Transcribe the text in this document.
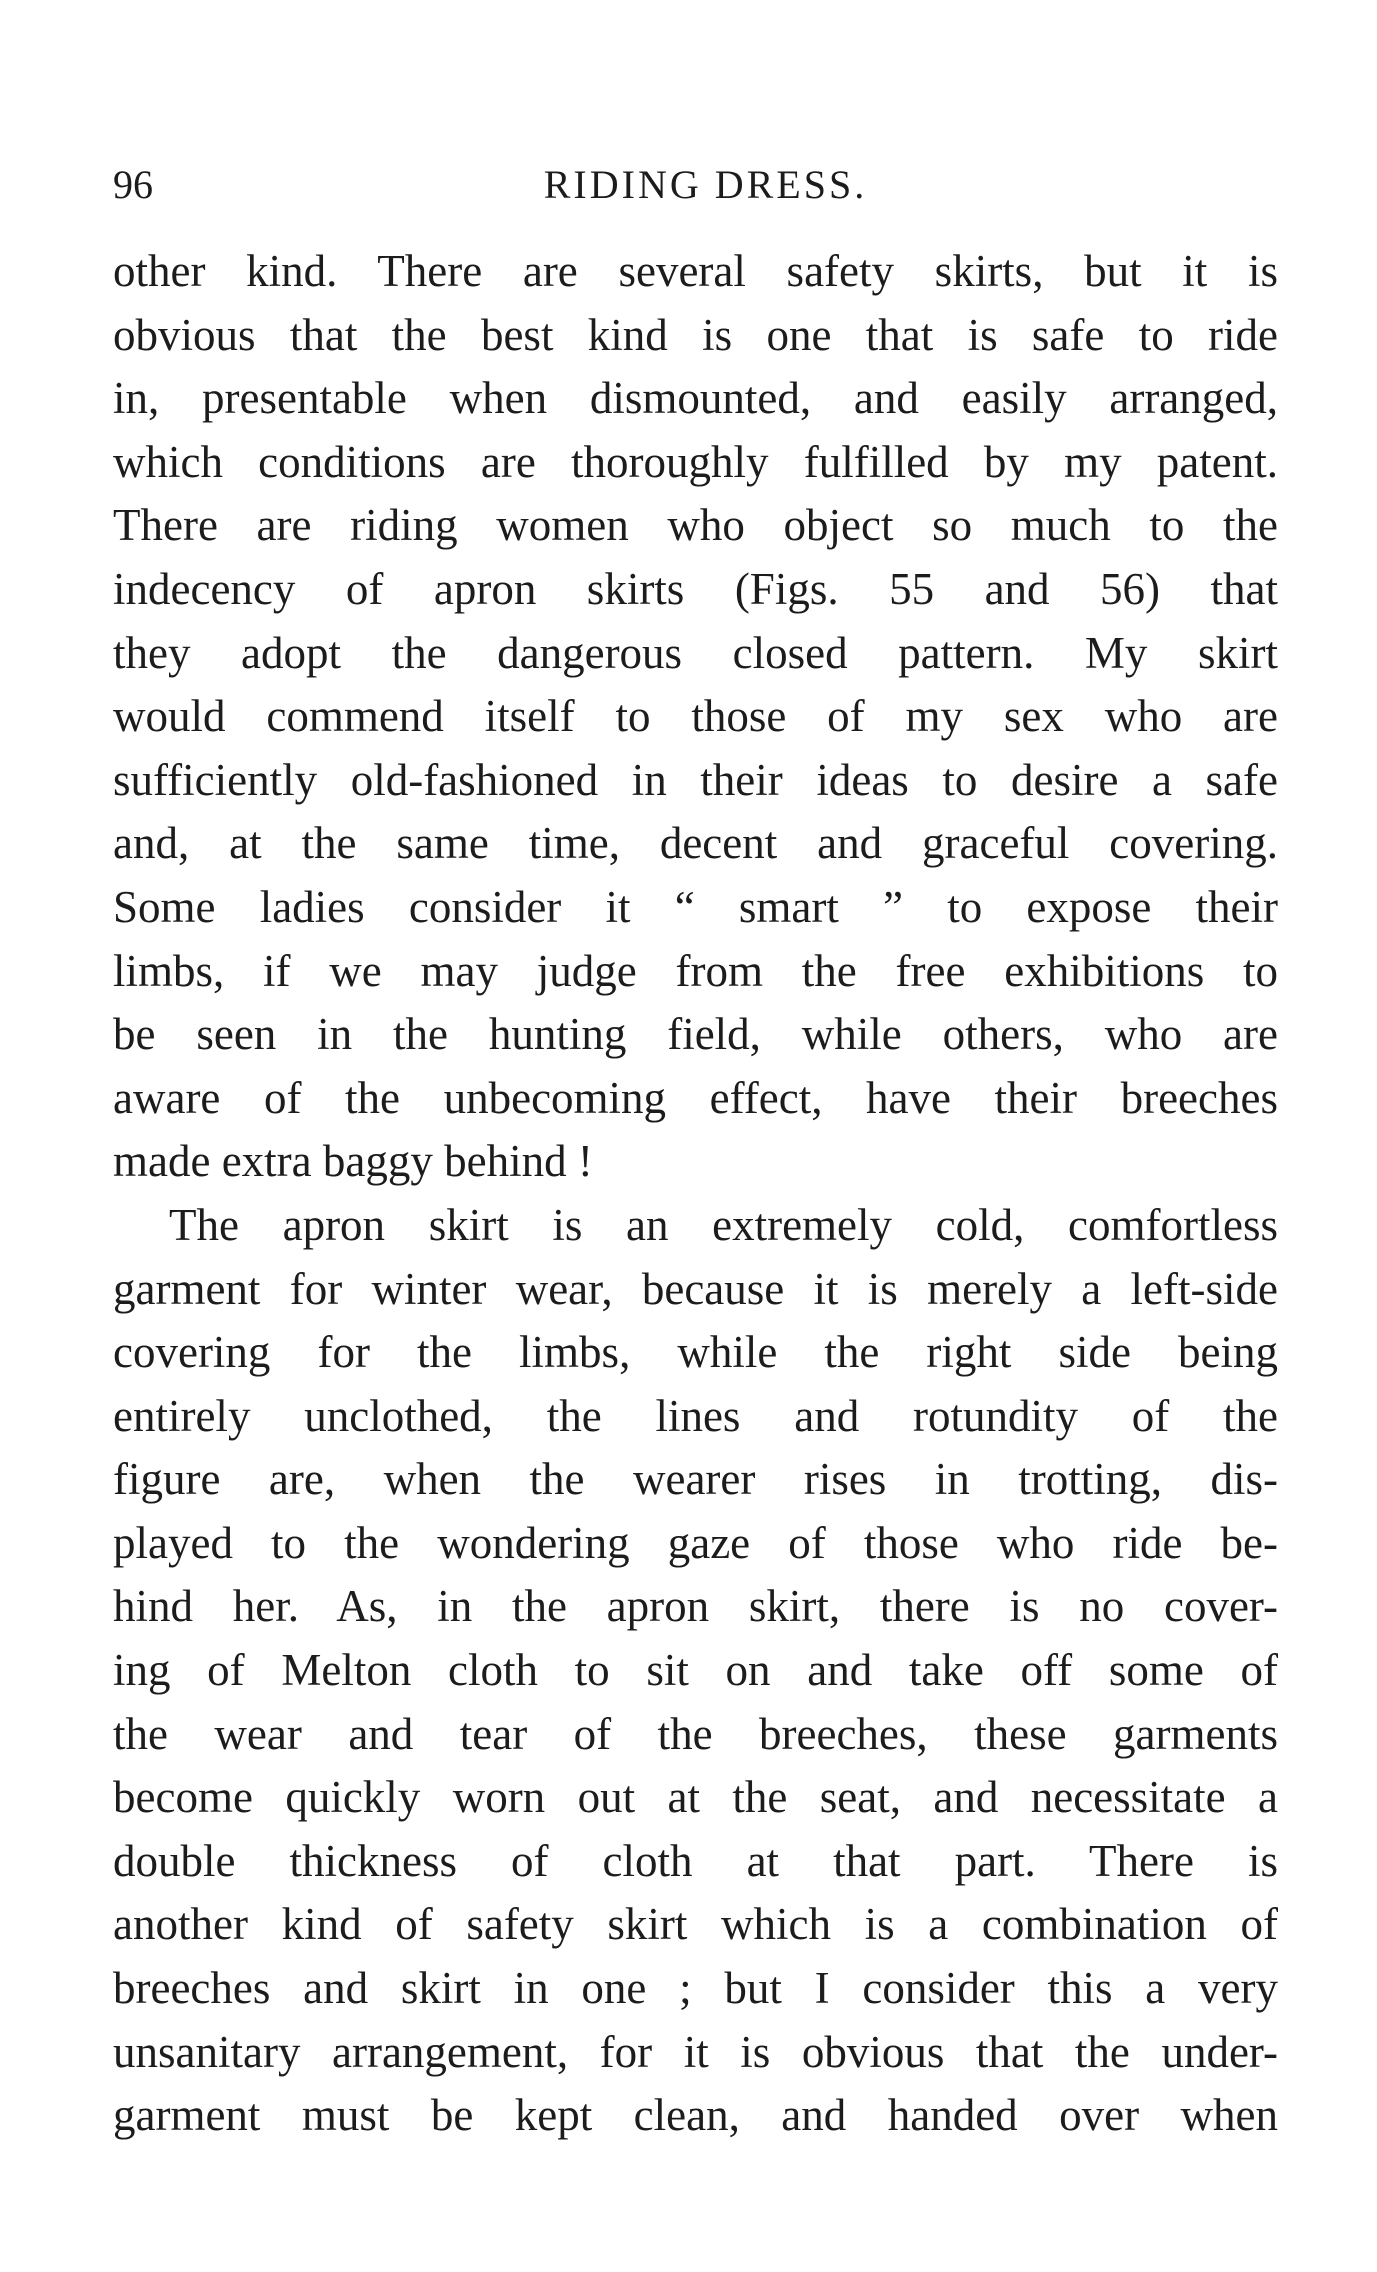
96	RIDING DRESS.
other kind. There are several safety skirts, but it is
obvious that the best kind is one that is safe to ride
in, presentable when dismounted, and easily arranged,
which conditions are thoroughly fulfilled by my patent.
There are riding women who object so much to the
indecency of apron skirts (Figs. 55 and 56) that
they adopt the dangerous closed pattern. My skirt
would commend itself to those of my sex who are
sufficiently old-fashioned in their ideas to desire a safe
and, at the same time, decent and graceful covering.
Some ladies consider it “ smart ” to expose their
limbs, if we may judge from the free exhibitions to
be seen in the hunting field, while others, who are
aware of the unbecoming effect, have their breeches
made extra baggy behind !
The apron skirt is an extremely cold, comfortless
garment for winter wear, because it is merely a left-side
covering for the limbs, while the right side being
entirely unclothed, the lines and rotundity of the
figure are, when the wearer rises in trotting, dis-
played to the wondering gaze of those who ride be-
hind her. As, in the apron skirt, there is no cover-
ing of Melton cloth to sit on and take off some of
the wear and tear of the breeches, these garments
become quickly worn out at the seat, and necessitate a
double thickness of cloth at that part. There is
another kind of safety skirt which is a combination of
breeches and skirt in one ; but I consider this a very
unsanitary arrangement, for it is obvious that the under-
garment must be kept clean, and handed over when
